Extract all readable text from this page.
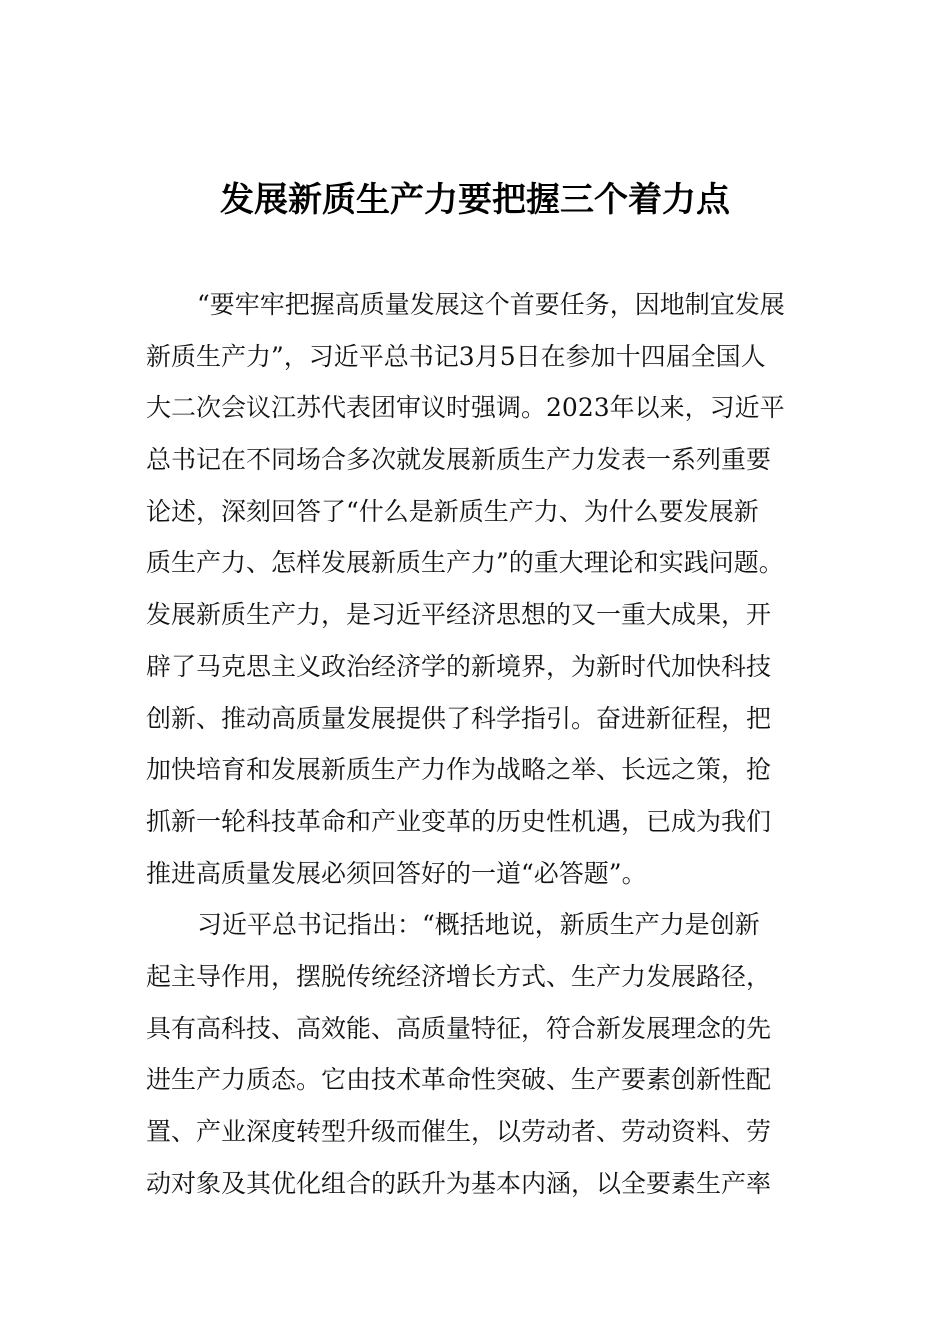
发展新质生产力要把握三个着力点
“要牢牢把握高质量发展这个首要任务，因地制宜发展
新质生产力”，习近平总书记3月5日在参加十四届全国人
大二次会议江苏代表团审议时强调。2023年以来，习近平
总书记在不同场合多次就发展新质生产力发表一系列重要
论述，深刻回答了“什么是新质生产力、为什么要发展新
质生产力、怎样发展新质生产力”的重大理论和实践问题。
发展新质生产力，是习近平经济思想的又一重大成果，开
辟了马克思主义政治经济学的新境界，为新时代加快科技
创新、推动高质量发展提供了科学指引。奋进新征程，把
加快培育和发展新质生产力作为战略之举、长远之策，抢
抓新一轮科技革命和产业变革的历史性机遇，已成为我们
推进高质量发展必须回答好的一道“必答题”。
习近平总书记指出：“概括地说，新质生产力是创新
起主导作用，摆脱传统经济增长方式、生产力发展路径，
具有高科技、高效能、高质量特征，符合新发展理念的先
进生产力质态。它由技术革命性突破、生产要素创新性配
置、产业深度转型升级而催生，以劳动者、劳动资料、劳
动对象及其优化组合的跃升为基本内涵，以全要素生产率
